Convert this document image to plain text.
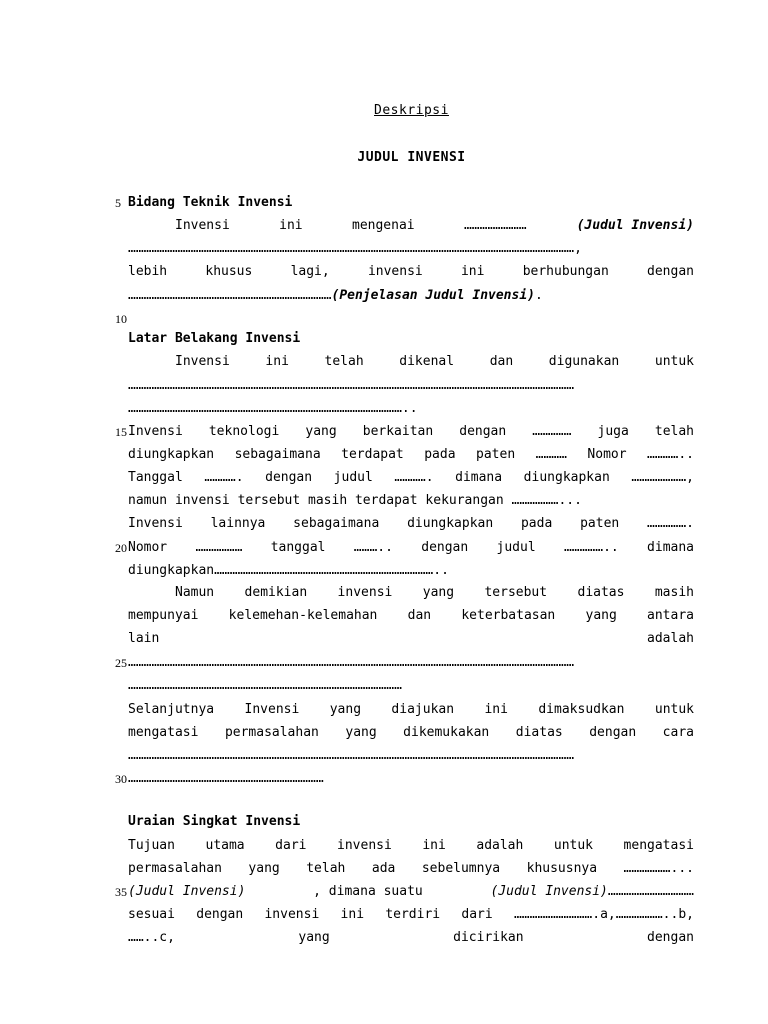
Deskripsi
JUDUL INVENSI
5 Bidang Teknik Invensi
Invensi ini mengenai ……………………	(Judul Invensi)
………………………………………………………………………………………………………………………………………………………,
lebih khusus lagi, invensi ini berhubungan dengan
……………………………………………………………………(Penjelasan Judul Invensi).
10
Latar Belakang Invensi
Invensi ini telah dikenal dan digunakan untuk
………………………………………………………………………………………………………………………………………………………
……………………………………………………………………………………………..
15 Invensi teknologi yang berkaitan dengan …………… juga telah
diungkapkan sebagaimana terdapat pada paten ………… Nomor …………..
Tanggal …………. dengan judul …………. dimana diungkapkan …………………,
namun invensi tersebut masih terdapat kekurangan ………………...
Invensi lainnya sebagaimana diungkapkan pada paten …………….
20 Nomor ……………… tanggal ……….. dengan judul …………….. dimana
diungkapkan…………………………………………………………………………..
Namun demikian invensi yang tersebut diatas masih
mempunyai kelemehan-kelemahan dan keterbatasan yang antara
lain	adalah
25 ………………………………………………………………………………………………………………………………………………………
……………………………………………………………………………………………
Selanjutnya Invensi yang diajukan ini dimaksudkan untuk
mengatasi permasalahan yang dikemukakan diatas dengan cara
………………………………………………………………………………………………………………………………………………………
30 …………………………………………………………………
Uraian Singkat Invensi
Tujuan utama dari invensi ini adalah untuk mengatasi
permasalahan yang telah ada sebelumnya khususnya ………………...
35 (Judul Invensi)	, dimana suatu	(Judul Invensi)……………………………
sesuai dengan invensi ini terdiri dari ………………………….a,………………..b,
……..c, yang dicirikan dengan
